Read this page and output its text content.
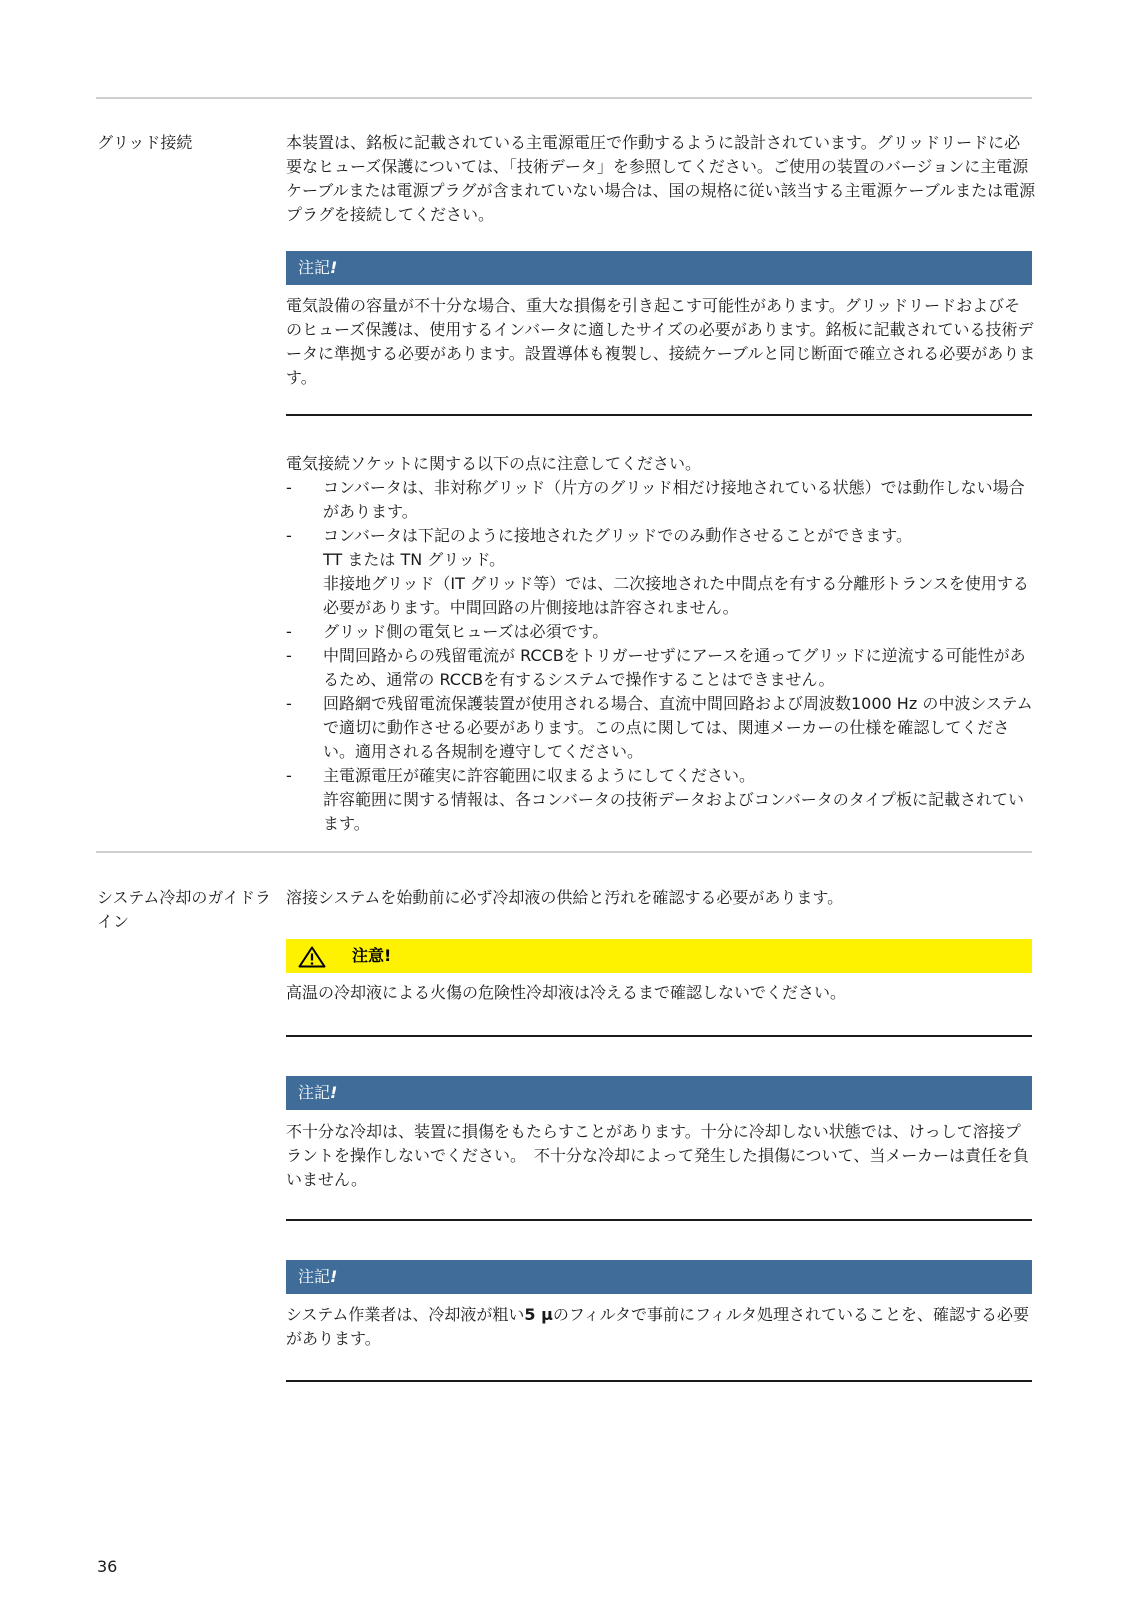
グリッド接続	本装置は、銘板に記載されている主電源電圧で作動するように設計されています。グリッドリードに必要なヒューズ保護については、「技術データ」を参照してください。ご使用の装置のバージョンに主電源ケーブルまたは電源プラグが含まれていない場合は、国の規格に従い該当する主電源ケーブルまたは電源プラグを接続してください。

注記!

電気設備の容量が不十分な場合、重大な損傷を引き起こす可能性があります。グリッドリードおよびそのヒューズ保護は、使用するインバータに適したサイズの必要があります。銘板に記載されている技術データに準拠する必要があります。設置導体も複製し、接続ケーブルと同じ断面で確立される必要があります。

電気接続ソケットに関する以下の点に注意してください。
- コンバータは、非対称グリッド（片方のグリッド相だけ接地されている状態）では動作しない場合があります。
- コンバータは下記のように接地されたグリッドでのみ動作させることができます。
TT または TN グリッド。
非接地グリッド（IT グリッド等）では、二次接地された中間点を有する分離形トランスを使用する必要があります。中間回路の片側接地は許容されません。
- グリッド側の電気ヒューズは必須です。
- 中間回路からの残留電流が RCCBをトリガーせずにアースを通ってグリッドに逆流する可能性があるため、通常の RCCBを有するシステムで操作することはできません。
- 回路網で残留電流保護装置が使用される場合、直流中間回路および周波数1000 Hz の中波システムで適切に動作させる必要があります。この点に関しては、関連メーカーの仕様を確認してください。適用される各規制を遵守してください。
- 主電源電圧が確実に許容範囲に収まるようにしてください。
許容範囲に関する情報は、各コンバータの技術データおよびコンバータのタイプ板に記載されています。
システム冷却のガイドライン

溶接システムを始動前に必ず冷却液の供給と汚れを確認する必要があります。

注意!

高温の冷却液による火傷の危険性冷却液は冷えるまで確認しないでください。

注記!

不十分な冷却は、装置に損傷をもたらすことがあります。十分に冷却しない状態では、けっして溶接プラントを操作しないでください。　不十分な冷却によって発生した損傷について、当メーカーは責任を負いません。

注記!

システム作業者は、冷却液が粗い5 µのフィルタで事前にフィルタ処理されていることを、確認する必要があります。

36
